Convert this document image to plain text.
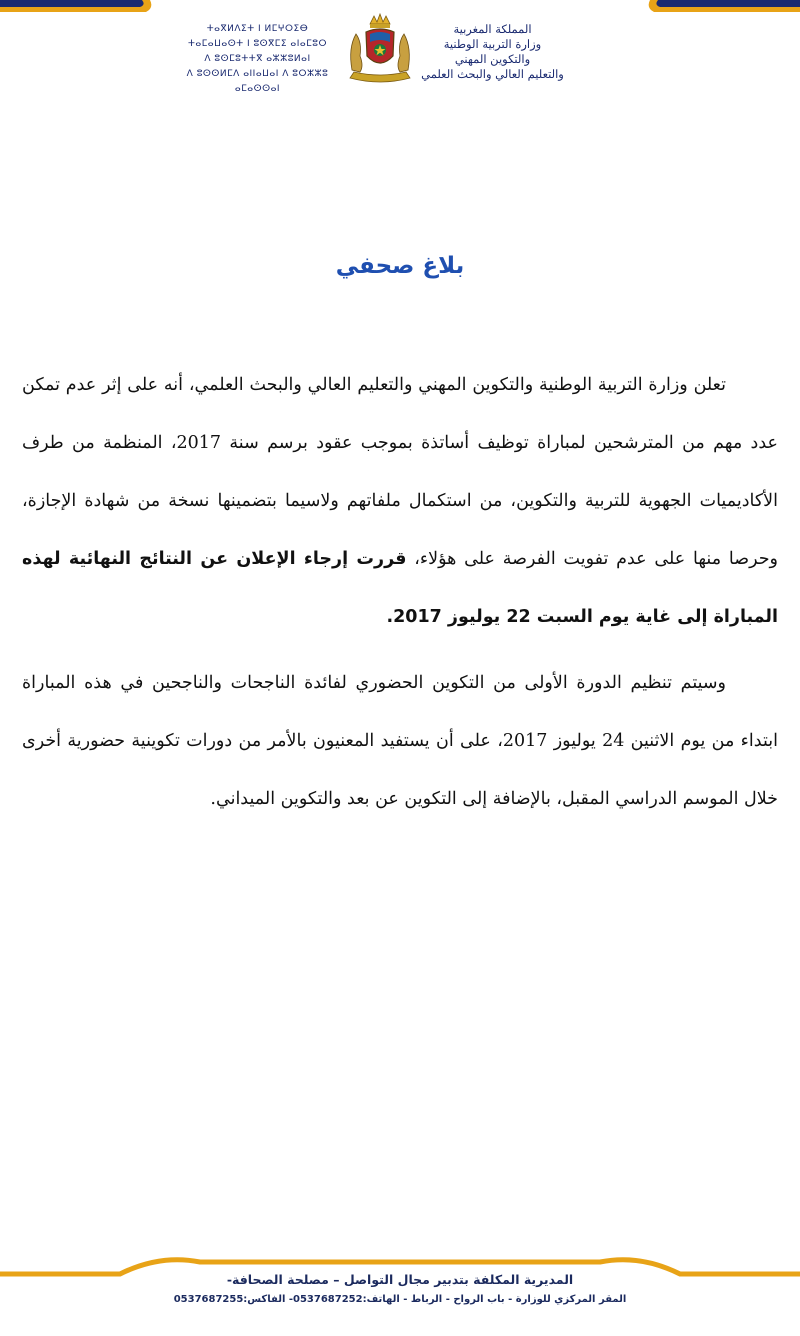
ⵜⴰⴳⵍⴷⵉⵜ ⵏ ⵍⵎⵖⵔⵉⴱ
ⵜⴰⵎⴰⵡⴰⵙⵜ ⵏ ⵓⵙⴳⵎⵉ ⴰⵏⴰⵎⵓⵔ
ⴷ ⵓⵙⵎⵓⵜⵜⴳ ⴰⵣⵣⵓⵍⴰⵏ
ⴷ ⵓⵙⵙⵍⵎⴷ ⴰⵏⵏⴰⵡⴰⵏ ⴷ ⵓⵔⵣⵣⵓ ⴰⵎⴰⵙⵙⴰⵏ
المملكة المغربية
وزارة التربية الوطنية
والتكوين المهني
والتعليم العالي والبحث العلمي
بلاغ صحفي

تعلن وزارة التربية الوطنية والتكوين المهني والتعليم العالي والبحث العلمي، أنه على إثر عدم تمكن عدد مهم من المترشحين لمباراة توظيف أساتذة بموجب عقود برسم سنة 2017، المنظمة من طرف الأكاديميات الجهوية للتربية والتكوين، من استكمال ملفاتهم ولاسيما بتضمينها نسخة من شهادة الإجازة، وحرصا منها على عدم تفويت الفرصة على هؤلاء، قررت إرجاء الإعلان عن النتائج النهائية لهذه المباراة إلى غاية يوم السبت 22 يوليوز 2017.

وسيتم تنظيم الدورة الأولى من التكوين الحضوري لفائدة الناجحات والناجحين في هذه المباراة ابتداء من يوم الاثنين 24 يوليوز 2017، على أن يستفيد المعنيون بالأمر من دورات تكوينية حضورية أخرى خلال الموسم الدراسي المقبل، بالإضافة إلى التكوين عن بعد والتكوين الميداني.

المديرية المكلفة بتدبير مجال التواصل – مصلحة الصحافة-
المقر المركزي للوزارة - باب الرواح - الرباط - الهاتف:0537687252- الفاكس:0537687255
